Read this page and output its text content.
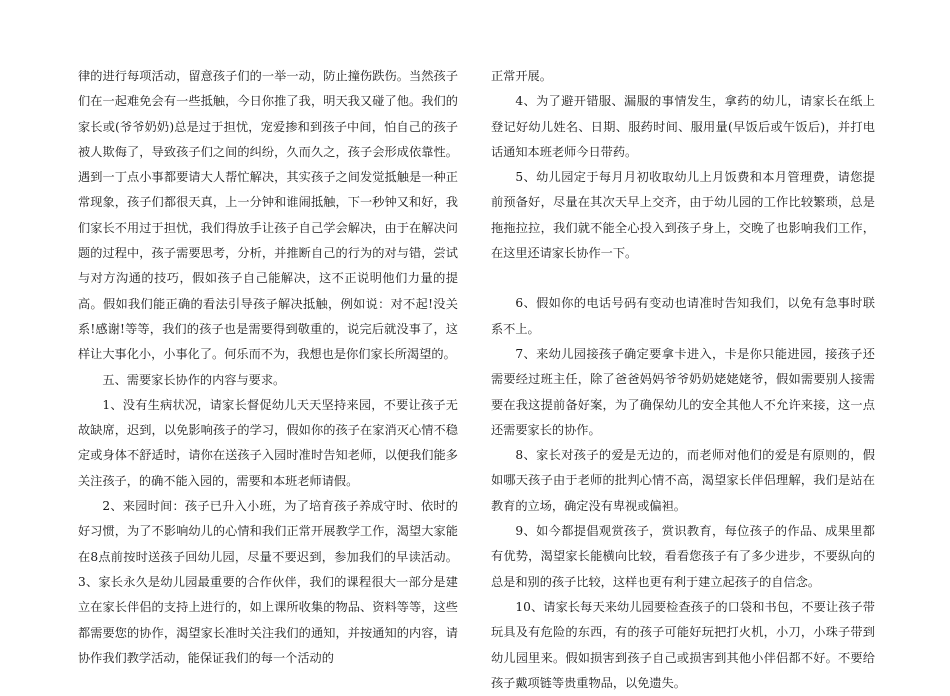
律的进行每项活动，留意孩子们的一举一动，防止撞伤跌伤。当然孩子们在一起难免会有一些抵触，今日你推了我，明天我又碰了他。我们的家长或(爷爷奶奶)总是过于担忧，宠爱掺和到孩子中间，怕自己的孩子被人欺侮了，导致孩子们之间的纠纷，久而久之，孩子会形成依靠性。遇到一丁点小事都要请大人帮忙解决，其实孩子之间发觉抵触是一种正常现象，孩子们都很天真，上一分钟和谁闹抵触，下一秒钟又和好，我们家长不用过于担忧，我们得放手让孩子自己学会解决，由于在解决问题的过程中，孩子需要思考，分析，并推断自己的行为的对与错，尝试与对方沟通的技巧，假如孩子自己能解决，这不正说明他们力量的提高。假如我们能正确的看法引导孩子解决抵触，例如说：对不起!没关系!感谢!等等，我们的孩子也是需要得到敬重的，说完后就没事了，这样让大事化小，小事化了。何乐而不为，我想也是你们家长所渴望的。

五、需要家长协作的内容与要求。

1、没有生病状况，请家长督促幼儿天天坚持来园，不要让孩子无故缺席，迟到，以免影响孩子的学习，假如你的孩子在家消灭心情不稳定或身体不舒适时，请你在送孩子入园时准时告知老师，以便我们能多关注孩子，的确不能入园的，需要和本班老师请假。

2、来园时间：孩子已升入小班，为了培育孩子养成守时、依时的好习惯，为了不影响幼儿的心情和我们正常开展教学工作，渴望大家能在8点前按时送孩子回幼儿园，尽量不要迟到，参加我们的早读活动。3、家长永久是幼儿园最重要的合作伙伴，我们的课程很大一部分是建立在家长伴侣的支持上进行的，如上课所收集的物品、资料等等，这些都需要您的协作，渴望家长准时关注我们的通知，并按通知的内容，请协作我们教学活动，能保证我们的每一个活动的

正常开展。

4、为了避开错服、漏服的事情发生，拿药的幼儿，请家长在纸上登记好幼儿姓名、日期、服药时间、服用量(早饭后或午饭后)，并打电话通知本班老师今日带药。

5、幼儿园定于每月月初收取幼儿上月饭费和本月管理费，请您提前预备好，尽量在其次天早上交齐，由于幼儿园的工作比较繁琐，总是拖拖拉拉，我们就不能全心投入到孩子身上，交晚了也影响我们工作，在这里还请家长协作一下。

6、假如你的电话号码有变动也请准时告知我们，以免有急事时联系不上。

7、来幼儿园接孩子确定要拿卡进入，卡是你只能进园，接孩子还需要经过班主任，除了爸爸妈妈爷爷奶奶姥姥姥爷，假如需要别人接需要在我这提前备好案，为了确保幼儿的安全其他人不允许来接，这一点还需要家长的协作。

8、家长对孩子的爱是无边的，而老师对他们的爱是有原则的，假如哪天孩子由于老师的批判心情不高，渴望家长伴侣理解，我们是站在教育的立场，确定没有卑视或偏袒。

9、如今都提倡观赏孩子，赏识教育，每位孩子的作品、成果里都有优势，渴望家长能横向比较，看看您孩子有了多少进步，不要纵向的总是和别的孩子比较，这样也更有利于建立起孩子的自信念。

10、请家长每天来幼儿园要检查孩子的口袋和书包，不要让孩子带玩具及有危险的东西，有的孩子可能好玩把打火机，小刀，小珠子带到幼儿园里来。假如损害到孩子自己或损害到其他小伴侣都不好。不要给孩子戴项链等贵重物品，以免遗失。
